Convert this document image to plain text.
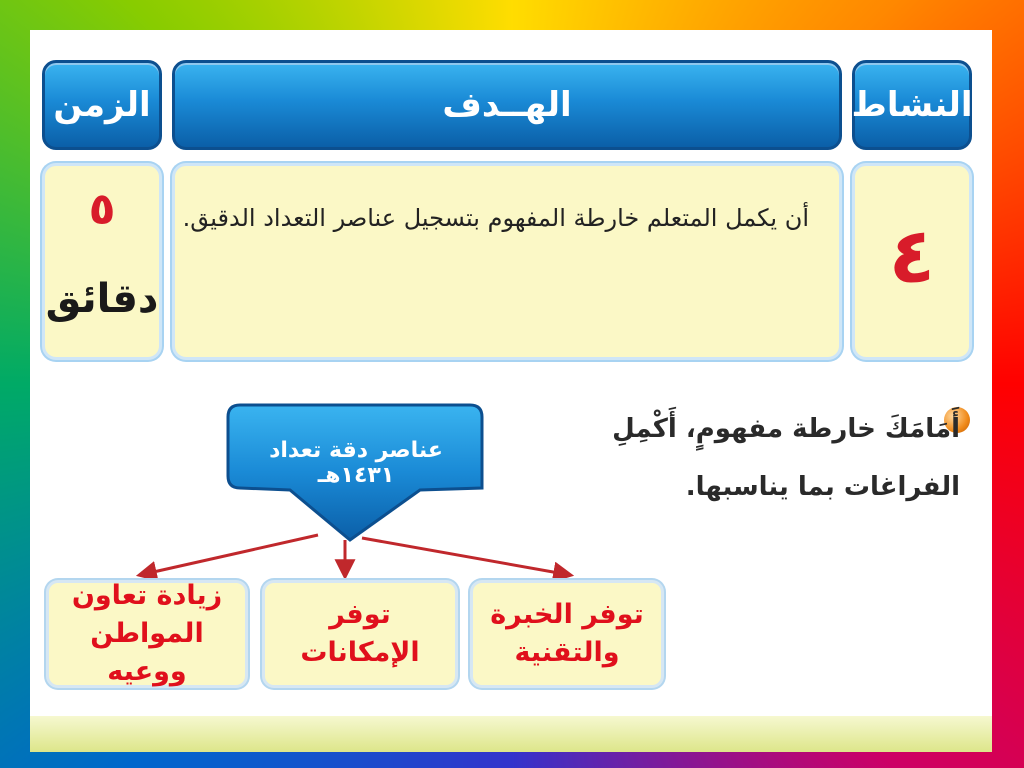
النشاط
الهــدف
الزمن
٤
أن يكمل المتعلم خارطة المفهوم بتسجيل عناصر التعداد الدقيق.
٥
دقائق
أَمَامَكَ خارطة مفهومٍ، أَكْمِلِ الفراغات بما يناسبها.
عناصر دقة تعداد ١٤٣١هـ
توفر الخبرة والتقنية
توفر الإمكانات
زيادة تعاون المواطن ووعيه
